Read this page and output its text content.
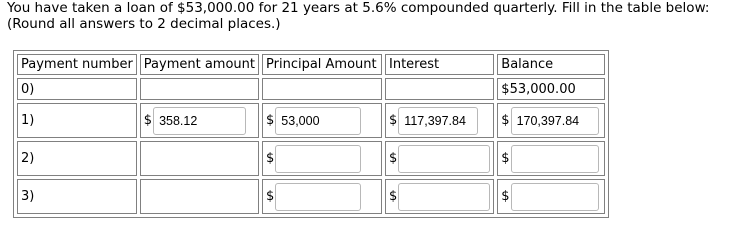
You have taken a loan of $53,000.00 for 21 years at 5.6% compounded quarterly. Fill in the table below:
(Round all answers to 2 decimal places.)
Payment number	Payment amount	Principal Amount	Interest	Balance
0)				$53,000.00
1)	$ 358.12	$ 53,000	$ 117,397.84	$ 170,397.84

2)		$	$	$

3)		$	$	$
